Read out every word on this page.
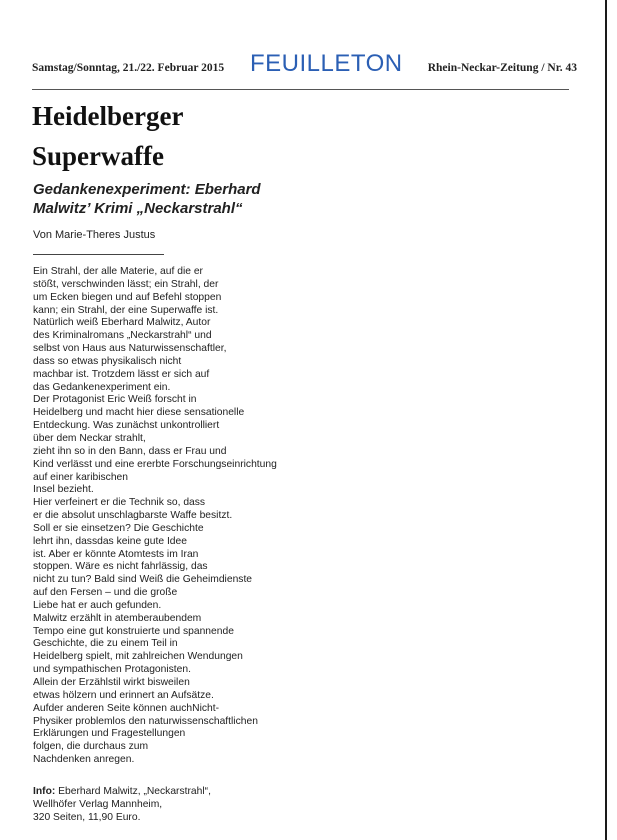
Samstag/Sonntag, 21./22. Februar 2015 FEUILLETON Rhein-Neckar-Zeitung / Nr. 43
Heidelberger
Superwaffe
Gedankenexperiment: Eberhard
Malwitz’ Krimi „Neckarstrahl“
Von Marie-Theres Justus
Ein Strahl, der alle Materie, auf die er
stößt, verschwinden lässt; ein Strahl, der
um Ecken biegen und auf Befehl stoppen
kann; ein Strahl, der eine Superwaffe ist.
Natürlich weiß Eberhard Malwitz, Autor
des Kriminalromans „Neckarstrahl“ und
selbst von Haus aus Naturwissenschaftler,
dass so etwas physikalisch nicht
machbar ist. Trotzdem lässt er sich auf
das Gedankenexperiment ein.
Der Protagonist Eric Weiß forscht in
Heidelberg und macht hier diese sensationelle
Entdeckung. Was zunächst unkontrolliert
über dem Neckar strahlt,
zieht ihn so in den Bann, dass er Frau und
Kind verlässt und eine ererbte Forschungseinrichtung
auf einer karibischen
Insel bezieht.
Hier verfeinert er die Technik so, dass
er die absolut unschlagbarste Waffe besitzt.
Soll er sie einsetzen? Die Geschichte
lehrt ihn, dassdas keine gute Idee
ist. Aber er könnte Atomtests im Iran
stoppen. Wäre es nicht fahrlässig, das
nicht zu tun? Bald sind Weiß die Geheimdienste
auf den Fersen – und die große
Liebe hat er auch gefunden.
Malwitz erzählt in atemberaubendem
Tempo eine gut konstruierte und spannende
Geschichte, die zu einem Teil in
Heidelberg spielt, mit zahlreichen Wendungen
und sympathischen Protagonisten.
Allein der Erzählstil wirkt bisweilen
etwas hölzern und erinnert an Aufsätze.
Aufder anderen Seite können auchNicht-
Physiker problemlos den naturwissenschaftlichen
Erklärungen und Fragestellungen
folgen, die durchaus zum
Nachdenken anregen.
Info: Eberhard Malwitz, „Neckarstrahl“,
Wellhöfer Verlag Mannheim,
320 Seiten, 11,90 Euro.
